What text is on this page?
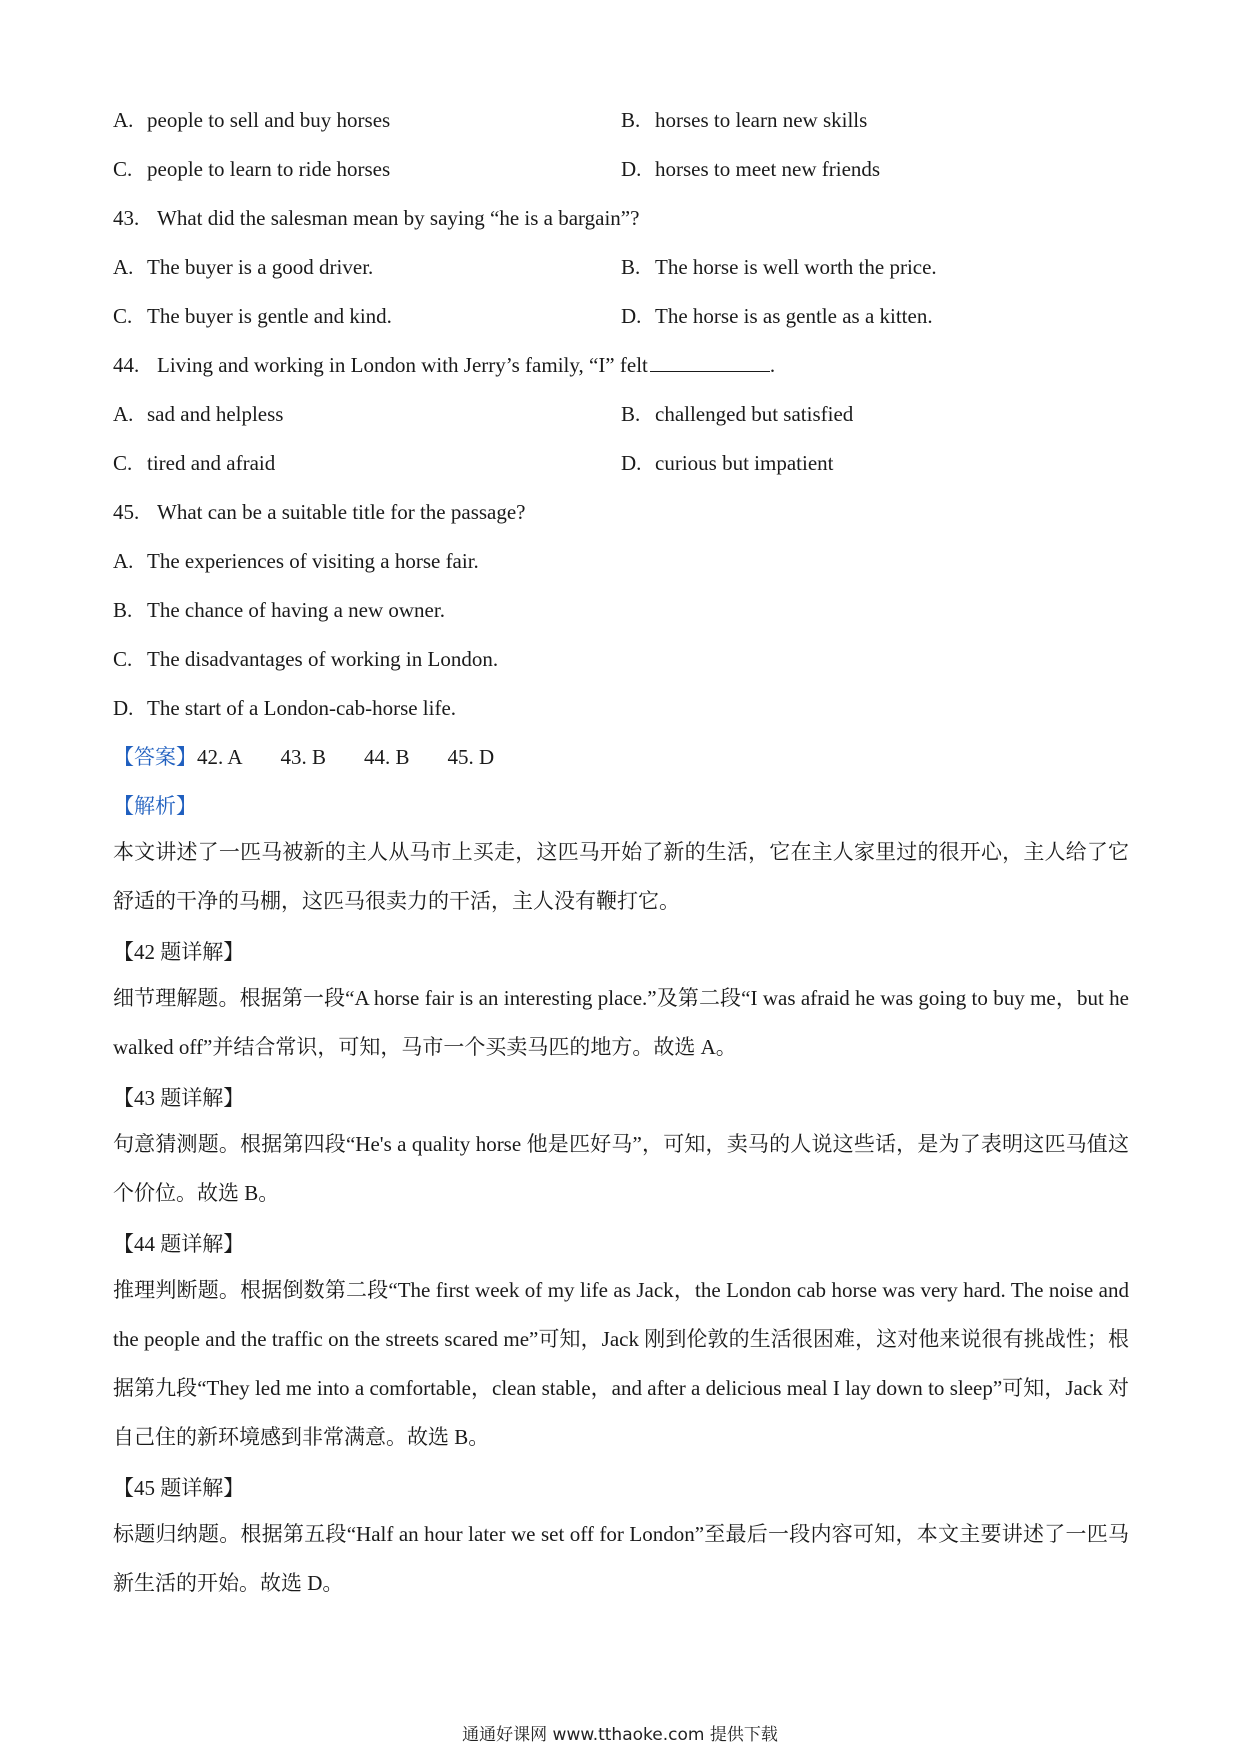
A. people to sell and buy horses	B. horses to learn new skills
C. people to learn to ride horses	D. horses to meet new friends
43. What did the salesman mean by saying “he is a bargain”?
A. The buyer is a good driver.	B. The horse is well worth the price.
C. The buyer is gentle and kind.	D. The horse is as gentle as a kitten.
44. Living and working in London with Jerry’s family, “I” felt	.
A. sad and helpless	B. challenged but satisfied
C. tired and afraid	D. curious but impatient
45. What can be a suitable title for the passage?
A. The experiences of visiting a horse fair.
B. The chance of having a new owner.
C. The disadvantages of working in London.
D. The start of a London-cab-horse life.
【答案】42. A 43. B 44. B 45. D
【解析】
本文讲述了一匹马被新的主人从马市上买走，这匹马开始了新的生活，它在主人家里过的很开心，主人给了它舒适的干净的马棚，这匹马很卖力的干活，主人没有鞭打它。
【42 题详解】
细节理解题。根据第一段“A horse fair is an interesting place.”及第二段“I was afraid he was going to buy me，but he walked off”并结合常识，可知，马市一个买卖马匹的地方。故选 A。
【43 题详解】
句意猜测题。根据第四段“He's a quality horse 他是匹好马”，可知，卖马的人说这些话，是为了表明这匹马值这个价位。故选 B。
【44 题详解】
推理判断题。根据倒数第二段“The first week of my life as Jack，the London cab horse was very hard. The noise and the people and the traffic on the streets scared me”可知，Jack 刚到伦敦的生活很困难，这对他来说很有挑战性；根据第九段“They led me into a comfortable，clean stable，and after a delicious meal I lay down to sleep”可知，Jack 对自己住的新环境感到非常满意。故选 B。
【45 题详解】
标题归纳题。根据第五段“Half an hour later we set off for London”至最后一段内容可知，本文主要讲述了一匹马新生活的开始。故选 D。
通通好课网 www.tthaoke.com 提供下载
